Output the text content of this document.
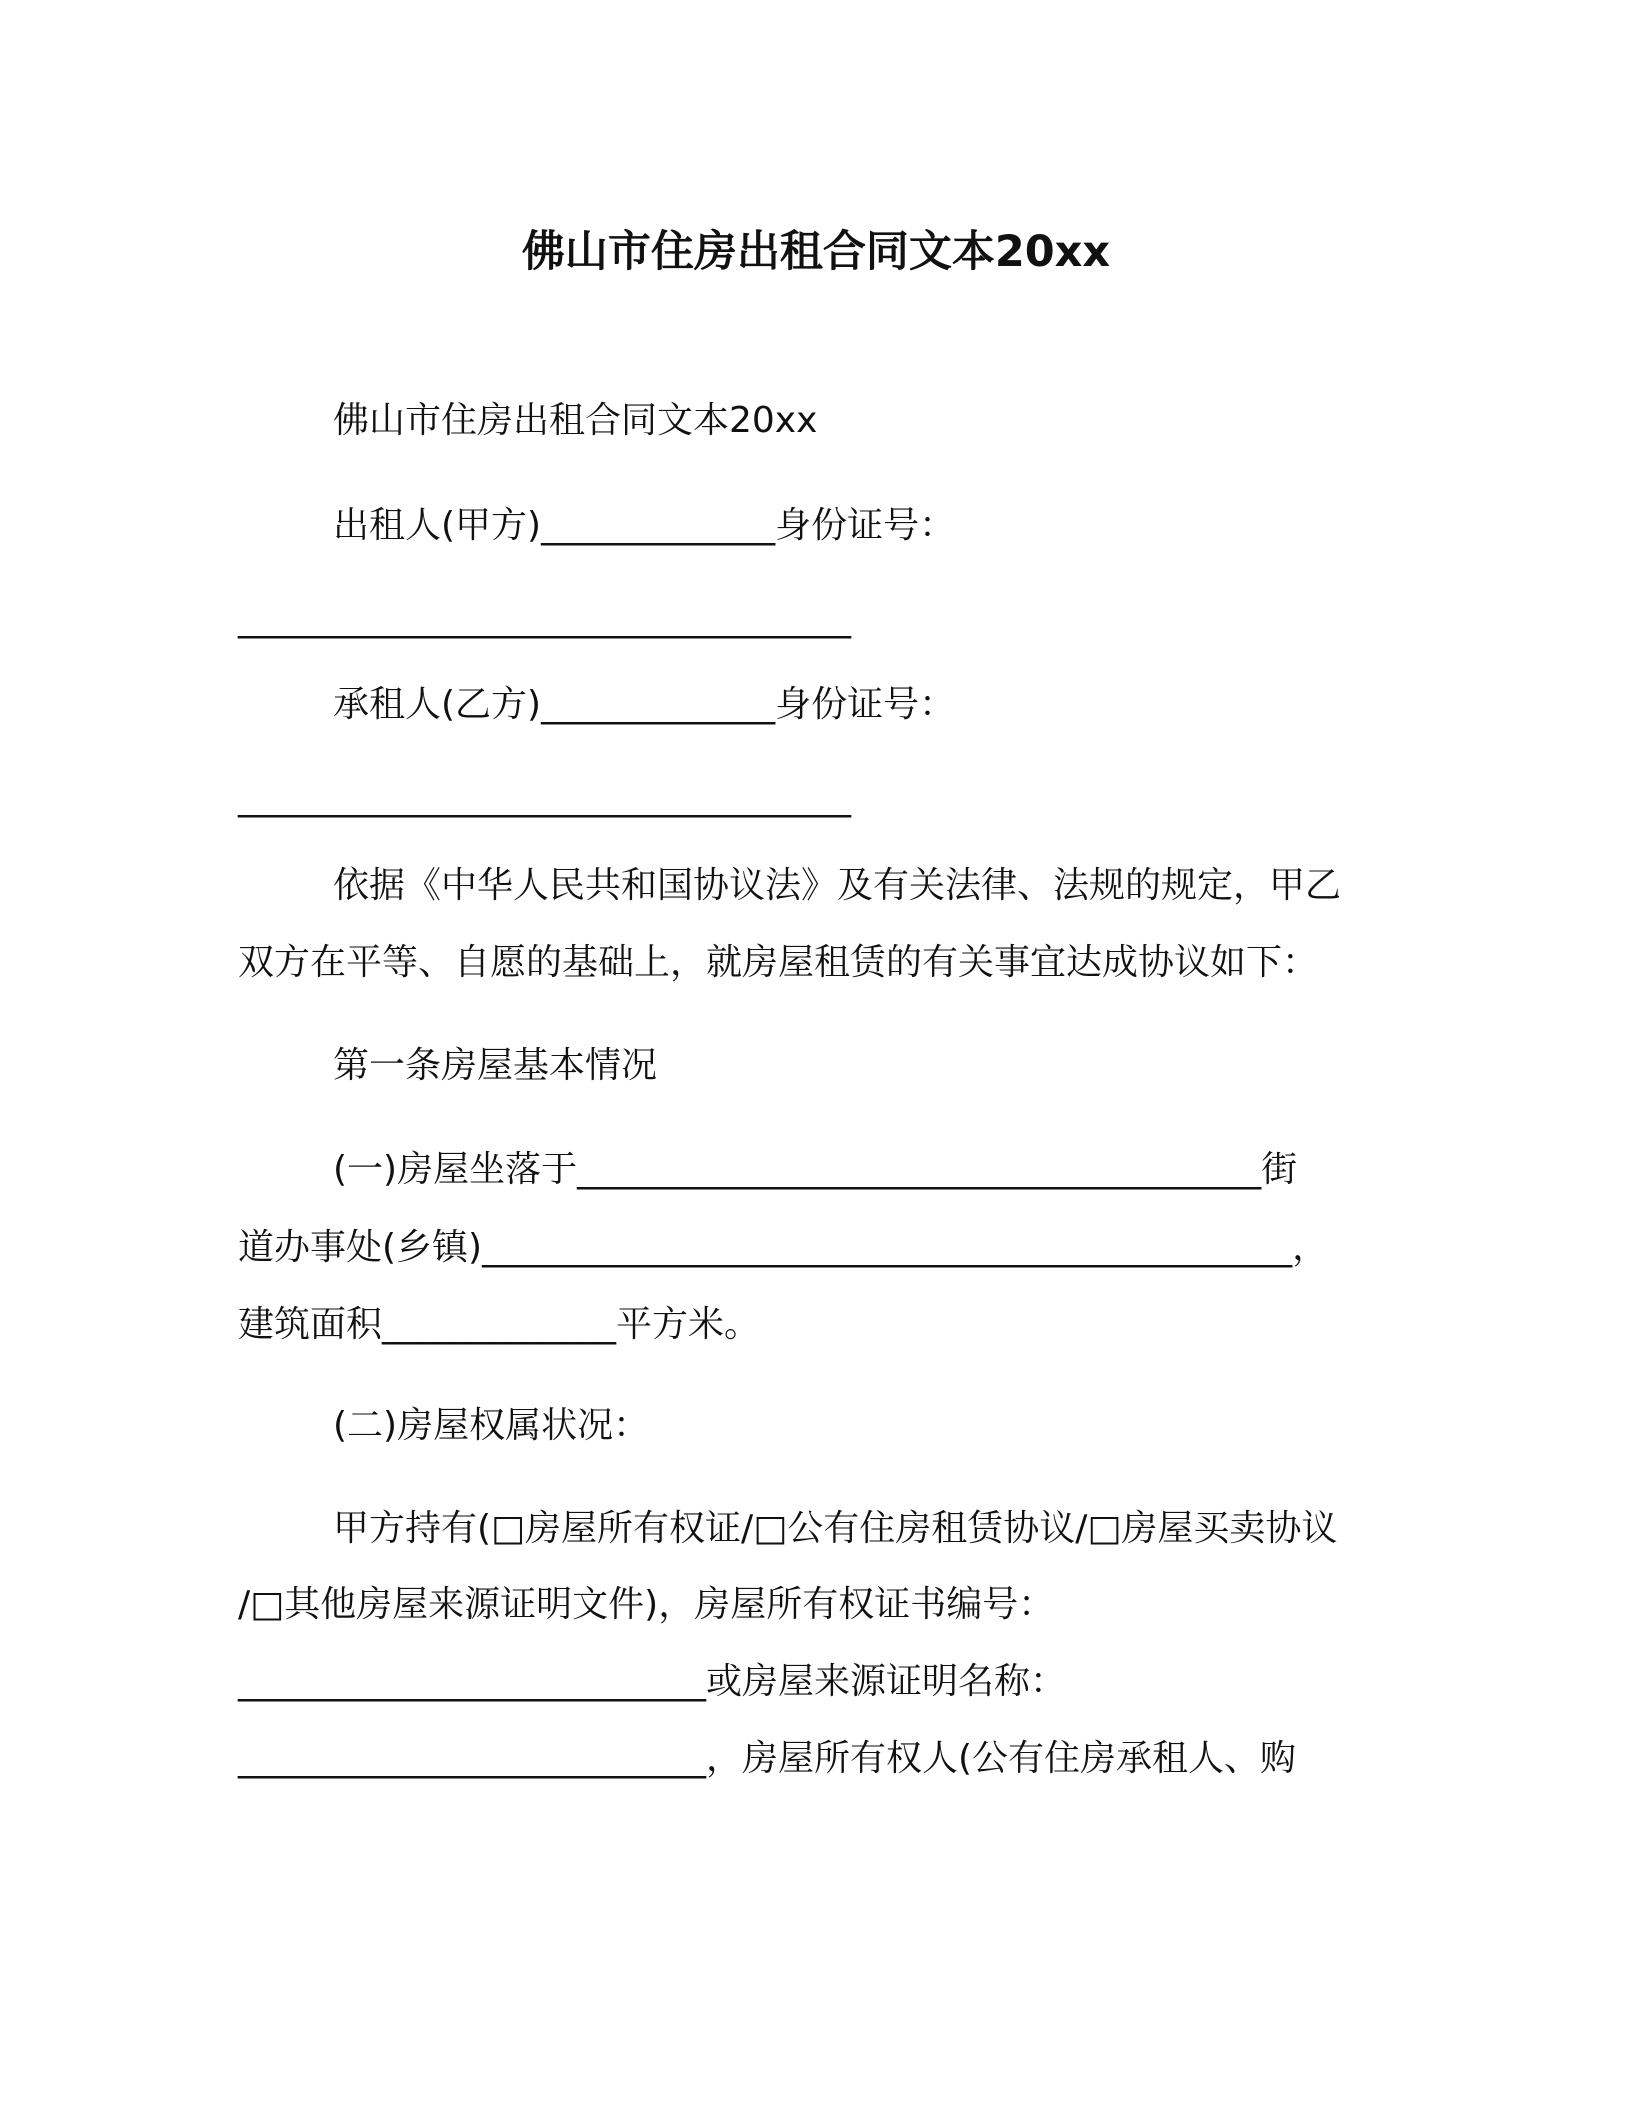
佛山市住房出租合同文本20xx
佛山市住房出租合同文本20xx
出租人(甲方)_____________身份证号：
____________________________________
承租人(乙方)_____________身份证号：
____________________________________
依据《中华人民共和国协议法》及有关法律、法规的规定，甲乙
双方在平等、自愿的基础上，就房屋租赁的有关事宜达成协议如下：
第一条房屋基本情况
(一)房屋坐落于______________________________________街
道办事处(乡镇)_____________________________________________，
建筑面积_____________平方米。
(二)房屋权属状况：
甲方持有(□房屋所有权证/□公有住房租赁协议/□房屋买卖协议
/□其他房屋来源证明文件)，房屋所有权证书编号：
__________________________或房屋来源证明名称：
__________________________，房屋所有权人(公有住房承租人、购
